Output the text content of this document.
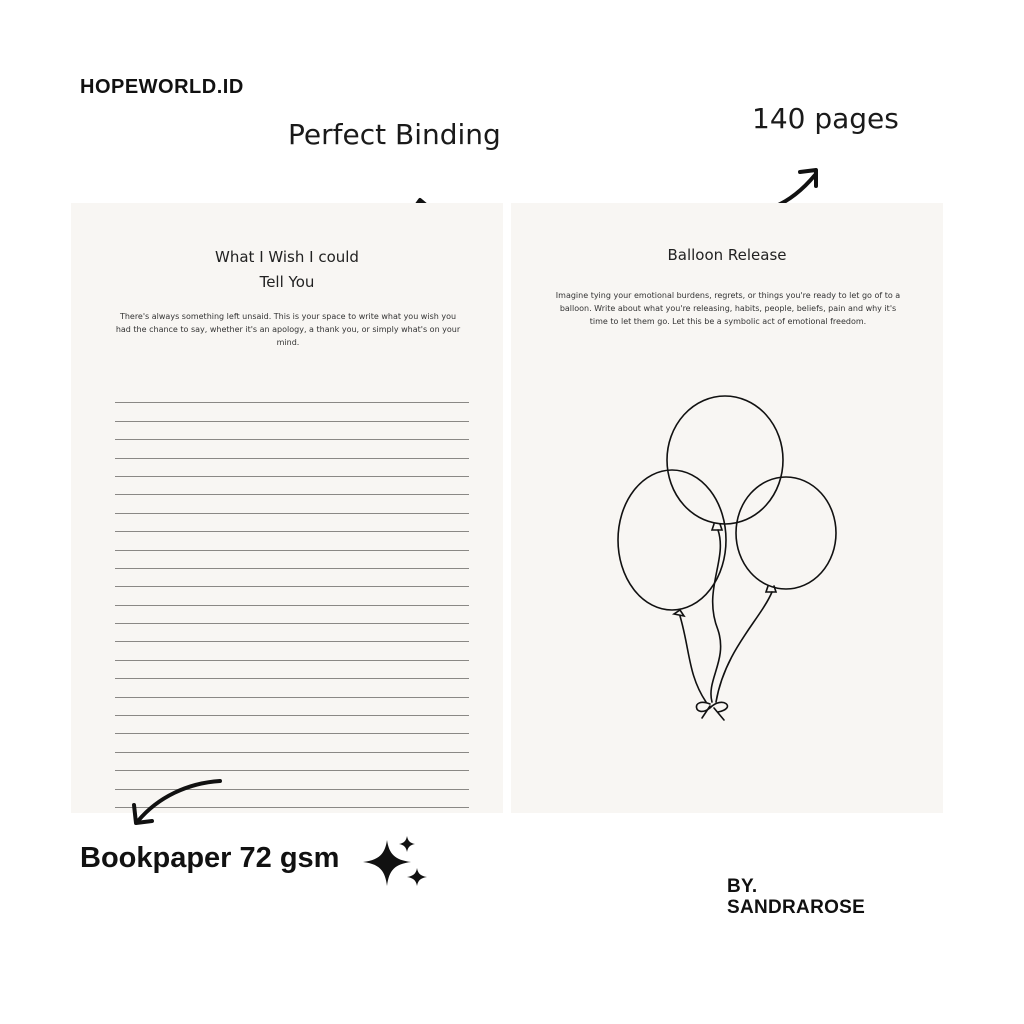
HOPEWORLD.ID
Perfect Binding	140 pages
What I Wish I could
Tell You
There's always something left unsaid. This is your space to write what you wish you had the chance to say, whether it's an apology, a thank you, or simply what's on your mind.
Balloon Release
Imagine tying your emotional burdens, regrets, or things you're ready to let go of to a balloon. Write about what you're releasing, habits, people, beliefs, pain and why it's time to let them go. Let this be a symbolic act of emotional freedom.
Bookpaper 72 gsm
BY.
SANDRAROSE
